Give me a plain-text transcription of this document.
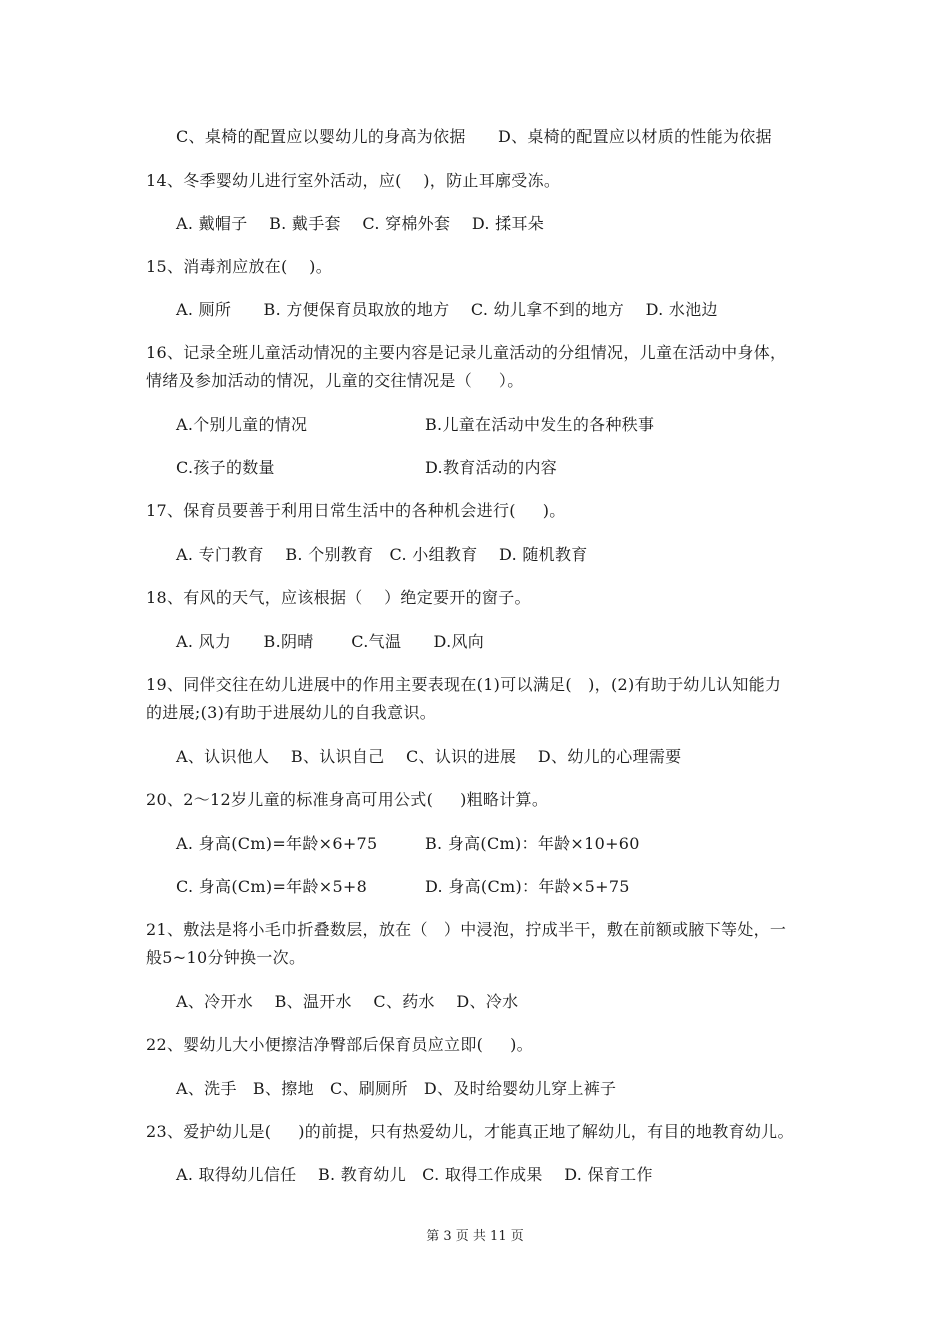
C、桌椅的配置应以婴幼儿的身高为依据      D、桌椅的配置应以材质的性能为依据
14、冬季婴幼儿进行室外活动，应(    )，防止耳廓受冻。
A. 戴帽子    B. 戴手套    C. 穿棉外套    D. 揉耳朵
15、消毒剂应放在(    )。
A. 厕所      B. 方便保育员取放的地方    C. 幼儿拿不到的地方    D. 水池边
16、记录全班儿童活动情况的主要内容是记录儿童活动的分组情况，儿童在活动中身体，
情绪及参加活动的情况，儿童的交往情况是（     ）。
A.个别儿童的情况	B.儿童在活动中发生的各种秩事
C.孩子的数量	D.教育活动的内容
17、保育员要善于利用日常生活中的各种机会进行(     )。
A. 专门教育    B. 个别教育   C. 小组教育    D. 随机教育
18、有风的天气，应该根据（    ）绝定要开的窗子。
A. 风力      B.阴晴       C.气温      D.风向
19、同伴交往在幼儿进展中的作用主要表现在(1)可以满足(   )，(2)有助于幼儿认知能力
的进展;(3)有助于进展幼儿的自我意识。
A、认识他人    B、认识自己    C、认识的进展    D、幼儿的心理需要
20、2～12岁儿童的标准身高可用公式(     )粗略计算。
A. 身高(Cm)=年龄×6+75	B. 身高(Cm)：年龄×10+60
C. 身高(Cm)=年龄×5+8	D. 身高(Cm)：年龄×5+75
21、敷法是将小毛巾折叠数层，放在（   ）中浸泡，拧成半干，敷在前额或腋下等处，一
般5~10分钟换一次。
A、冷开水    B、温开水    C、药水    D、冷水
22、婴幼儿大小便擦洁净臀部后保育员应立即(     )。
A、洗手   B、擦地   C、刷厕所   D、及时给婴幼儿穿上裤子
23、爱护幼儿是(     )的前提，只有热爱幼儿，才能真正地了解幼儿，有目的地教育幼儿。
A. 取得幼儿信任    B. 教育幼儿   C. 取得工作成果    D. 保育工作
第 3 页 共 11 页
